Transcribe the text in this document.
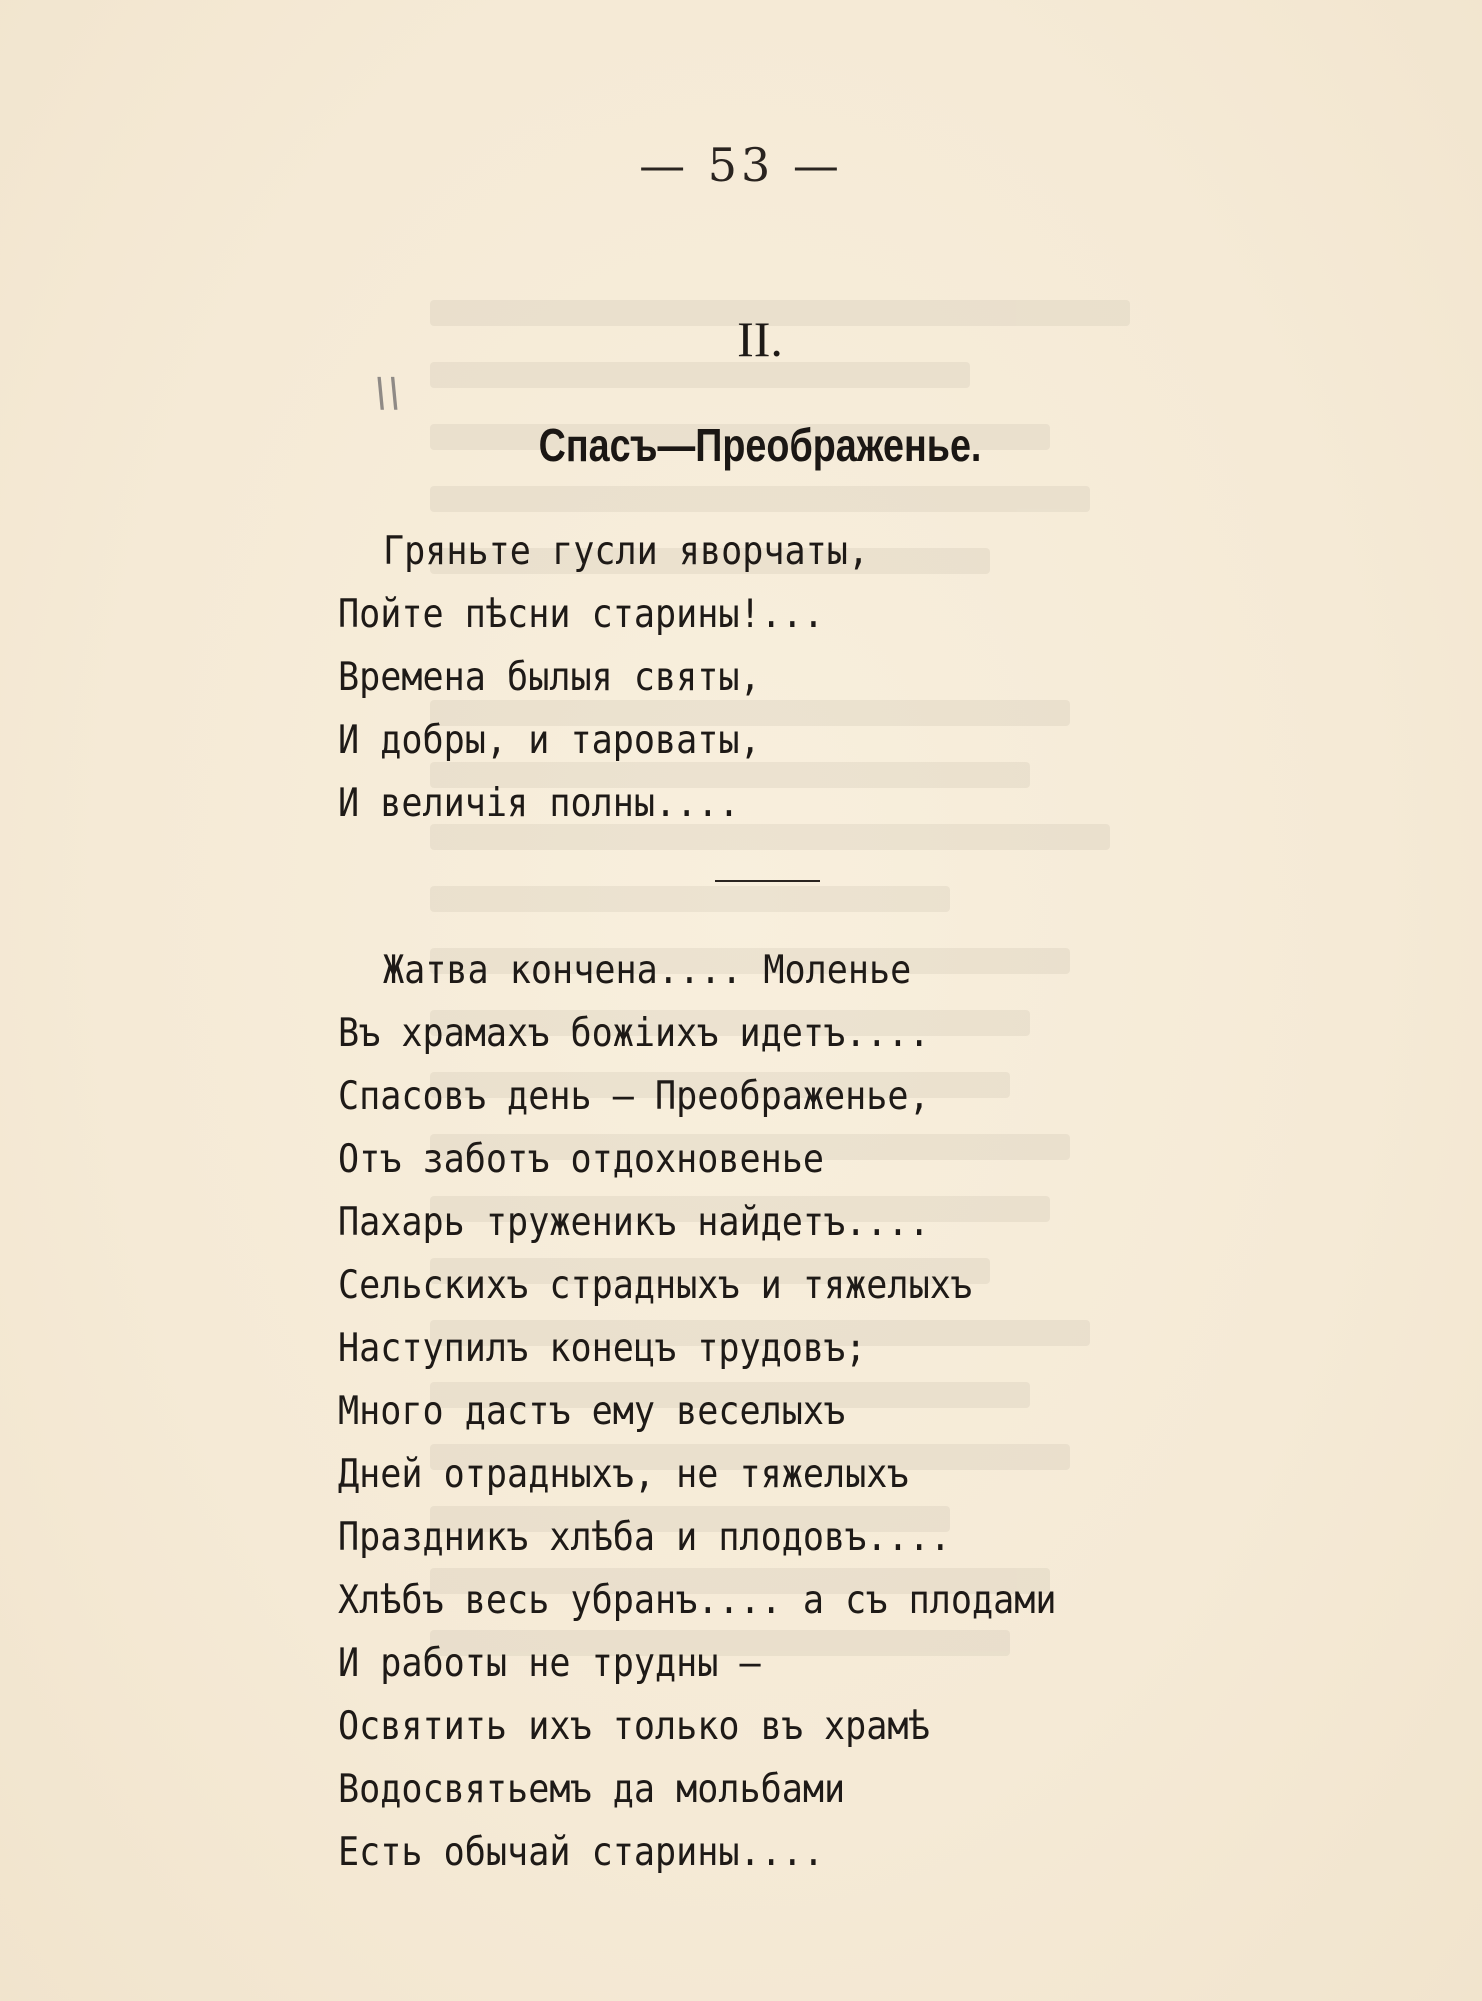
— 53 —
II.
\\
Спасъ—Преображенье.
Гряньте гусли яворчаты,
Пойте пѣсни старины!...
Времена былыя святы,
И добры, и тароваты,
И величія полны....
Жатва кончена.... Моленье
Въ храмахъ божіихъ идетъ....
Спасовъ день — Преображенье,
Отъ заботъ отдохновенье
Пахарь труженикъ найдетъ....
Сельскихъ страдныхъ и тяжелыхъ
Наступилъ конецъ трудовъ;
Много дастъ ему веселыхъ
Дней отрадныхъ, не тяжелыхъ
Праздникъ хлѣба и плодовъ....
Хлѣбъ весь убранъ.... а съ плодами
И работы не трудны —
Освятить ихъ только въ храмѣ
Водосвятьемъ да мольбами
Есть обычай старины....
